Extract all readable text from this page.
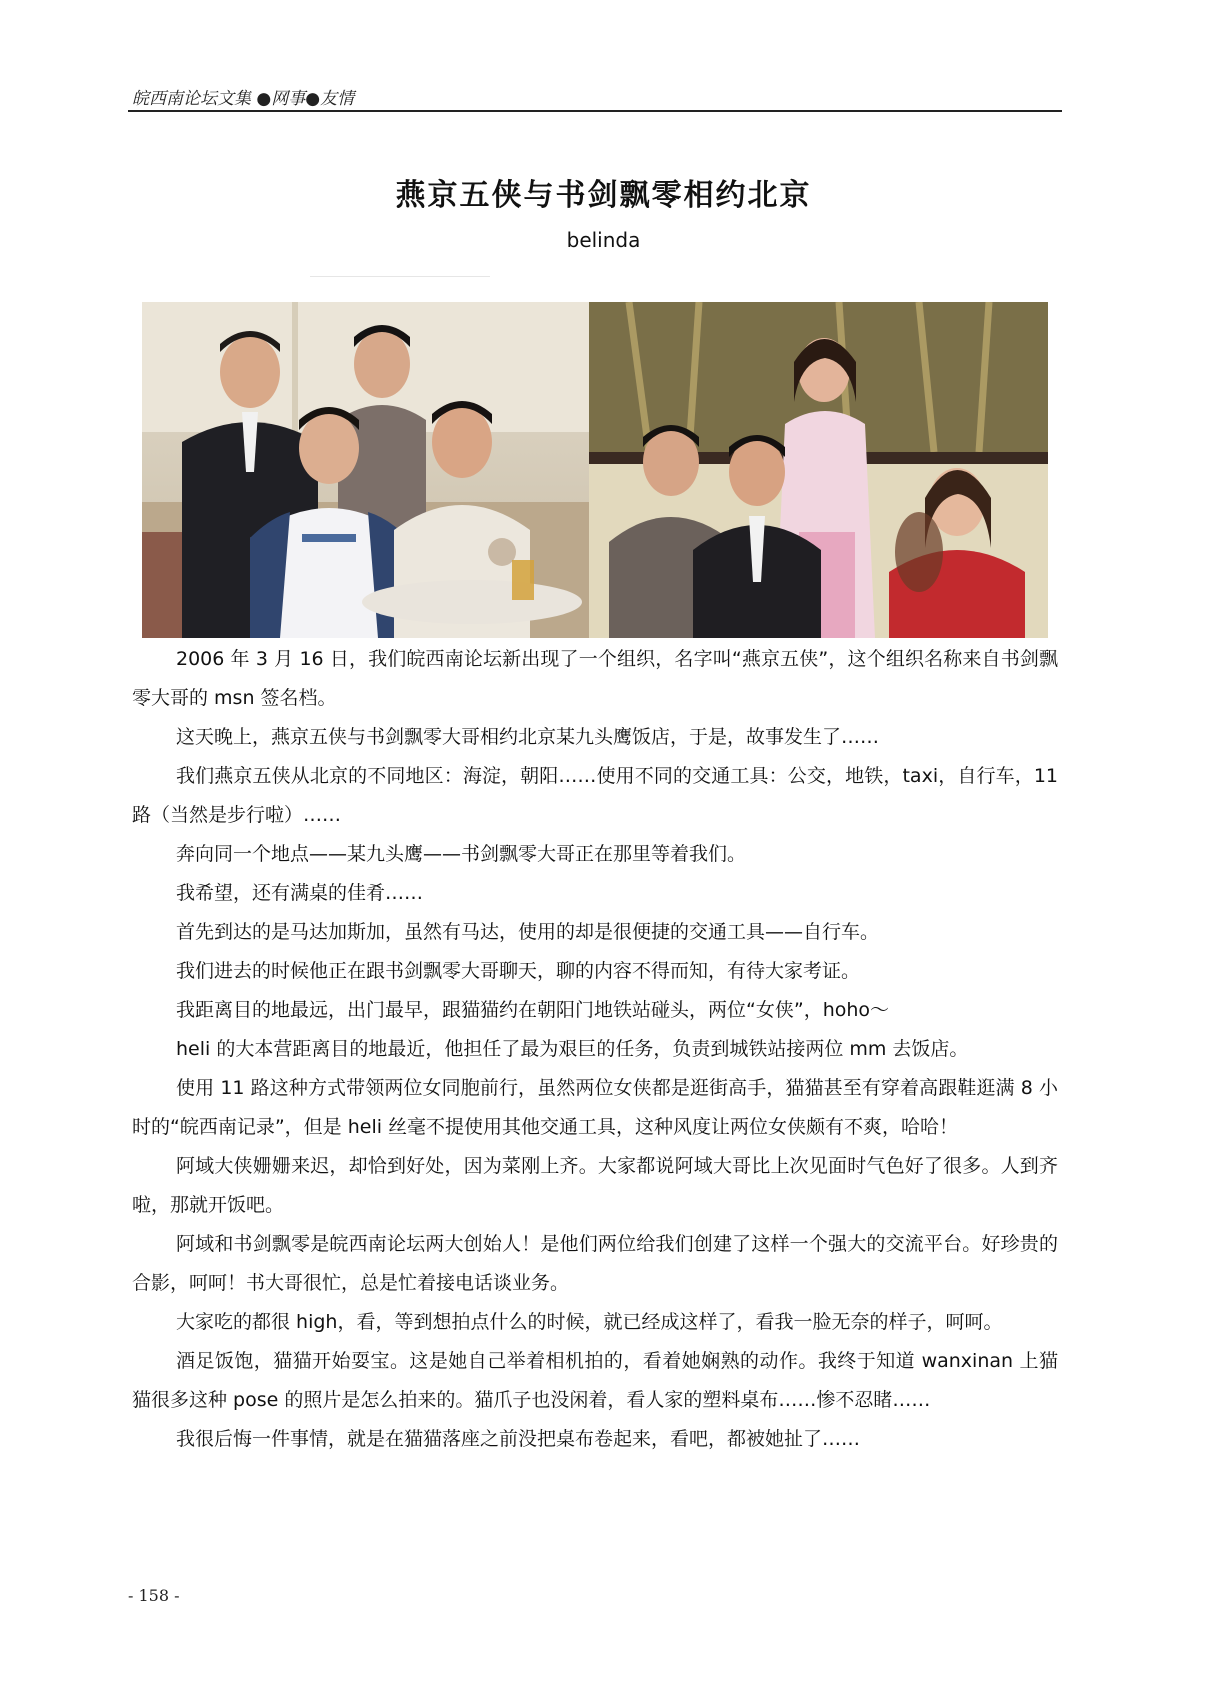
皖西南论坛文集 ●网事●友情
燕京五侠与书剑飘零相约北京
belinda

2006 年 3 月 16 日，我们皖西南论坛新出现了一个组织，名字叫“燕京五侠”，这个组织名称来自书剑飘零大哥的 msn 签名档。

这天晚上，燕京五侠与书剑飘零大哥相约北京某九头鹰饭店，于是，故事发生了……

我们燕京五侠从北京的不同地区：海淀，朝阳……使用不同的交通工具：公交，地铁，taxi，自行车，11 路（当然是步行啦）……

奔向同一个地点——某九头鹰——书剑飘零大哥正在那里等着我们。

我希望，还有满桌的佳肴……

首先到达的是马达加斯加，虽然有马达，使用的却是很便捷的交通工具——自行车。

我们进去的时候他正在跟书剑飘零大哥聊天，聊的内容不得而知，有待大家考证。

我距离目的地最远，出门最早，跟猫猫约在朝阳门地铁站碰头，两位“女侠”，hoho～

heli 的大本营距离目的地最近，他担任了最为艰巨的任务，负责到城铁站接两位 mm 去饭店。

使用 11 路这种方式带领两位女同胞前行，虽然两位女侠都是逛街高手，猫猫甚至有穿着高跟鞋逛满 8 小时的“皖西南记录”，但是 heli 丝毫不提使用其他交通工具，这种风度让两位女侠颇有不爽，哈哈！

阿域大侠姗姗来迟，却恰到好处，因为菜刚上齐。大家都说阿域大哥比上次见面时气色好了很多。人到齐啦，那就开饭吧。

阿域和书剑飘零是皖西南论坛两大创始人！是他们两位给我们创建了这样一个强大的交流平台。好珍贵的合影，呵呵！书大哥很忙，总是忙着接电话谈业务。

大家吃的都很 high，看，等到想拍点什么的时候，就已经成这样了，看我一脸无奈的样子，呵呵。

酒足饭饱，猫猫开始耍宝。这是她自己举着相机拍的，看着她娴熟的动作。我终于知道 wanxinan 上猫猫很多这种 pose 的照片是怎么拍来的。猫爪子也没闲着，看人家的塑料桌布……惨不忍睹……

我很后悔一件事情，就是在猫猫落座之前没把桌布卷起来，看吧，都被她扯了……

- 158 -
